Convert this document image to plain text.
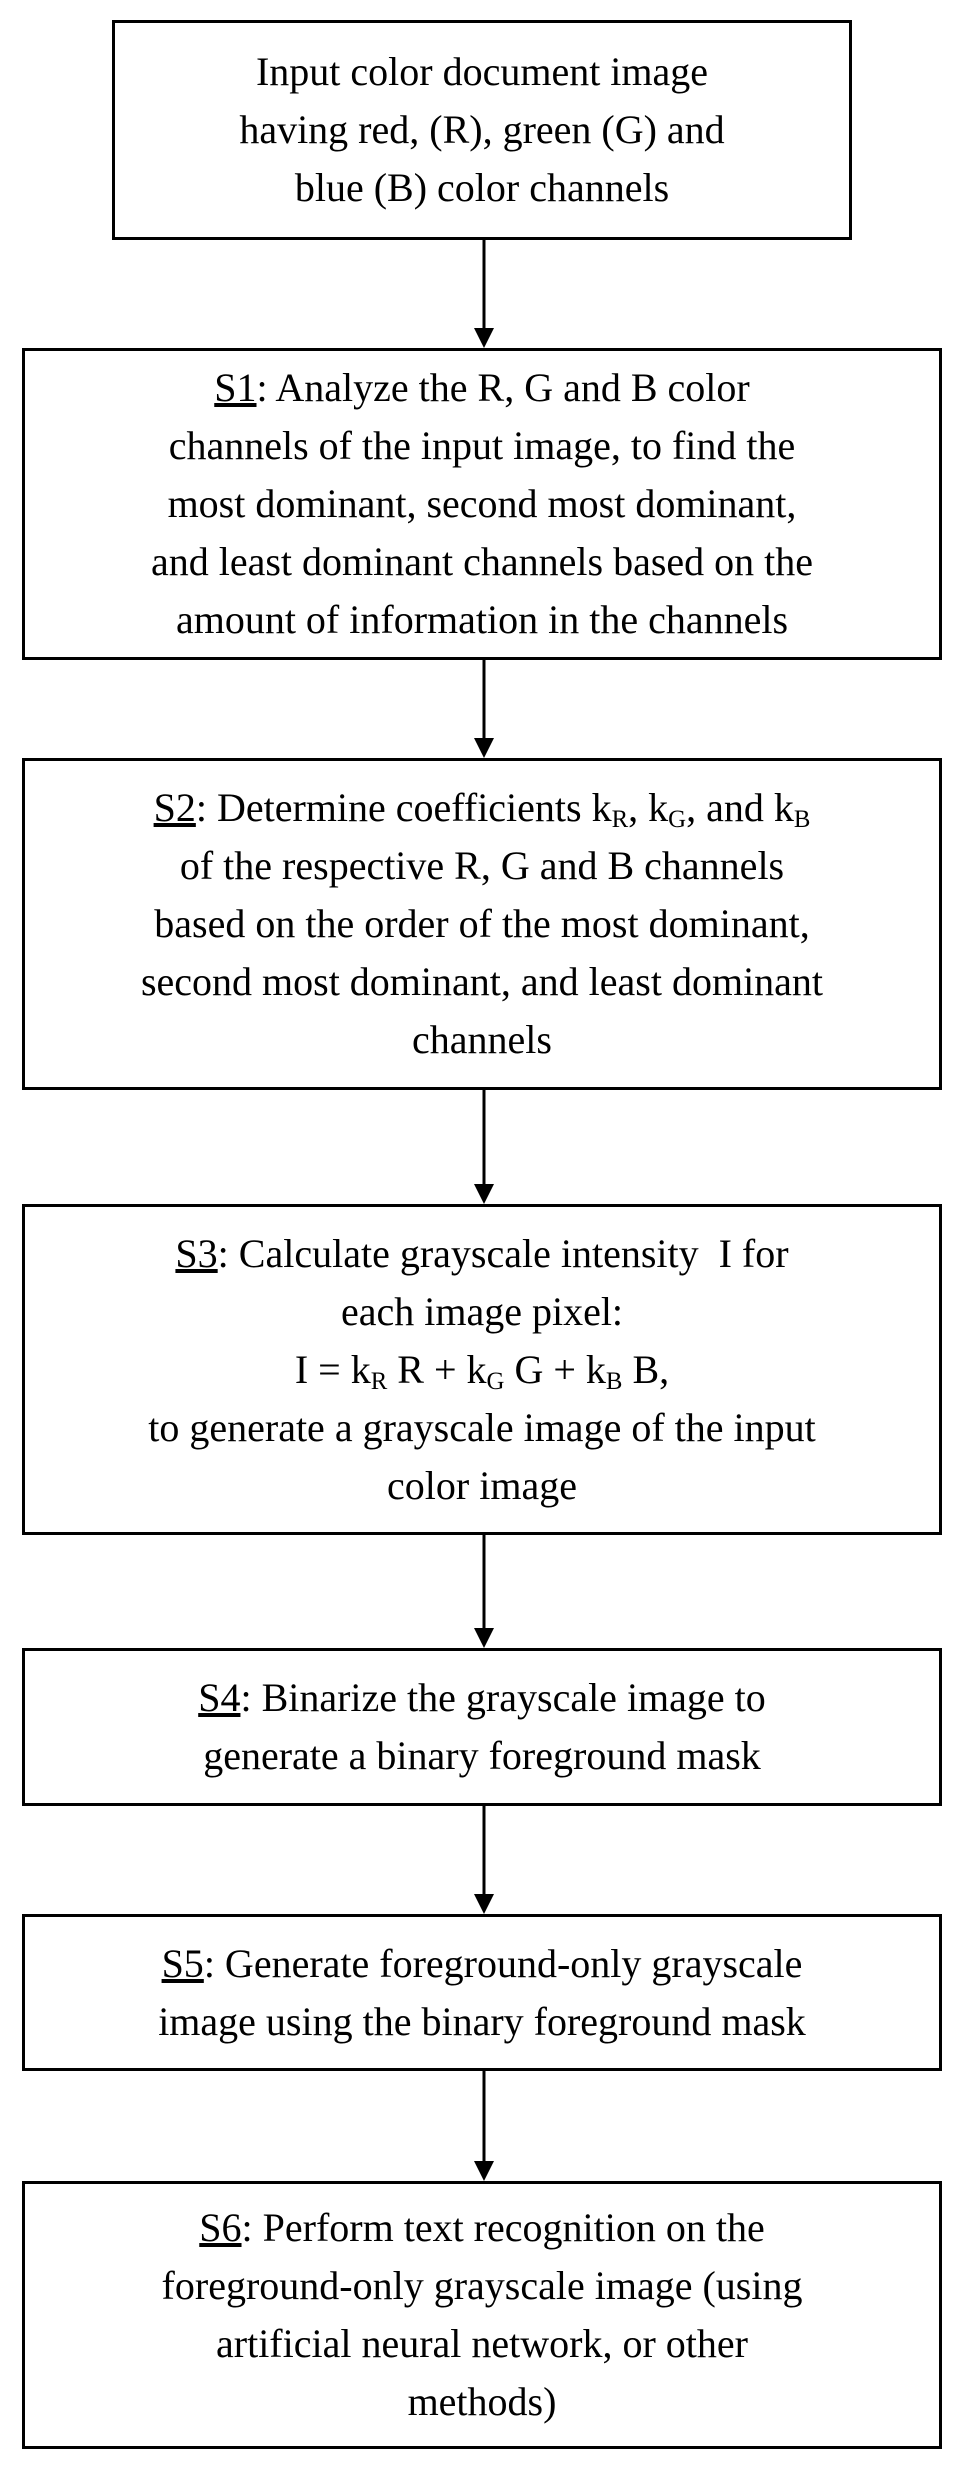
Input color document image
having red, (R), green (G) and
blue (B) color channels
S1: Analyze the R, G and B color
channels of the input image, to find the
most dominant, second most dominant,
and least dominant channels based on the
amount of information in the channels
S2: Determine coefficients $k_R$, $k_G$, and $k_B$
of the respective R, G and B channels
based on the order of the most dominant,
second most dominant, and least dominant
channels
S3: Calculate grayscale intensity  I for
each image pixel:
$I = k_R$ $R + k_G$ $G + k_B$ B,
to generate a grayscale image of the input
color image
S4: Binarize the grayscale image to
generate a binary foreground mask
S5: Generate foreground-only grayscale
image using the binary foreground mask
S6: Perform text recognition on the
foreground-only grayscale image (using
artificial neural network, or other
methods)
